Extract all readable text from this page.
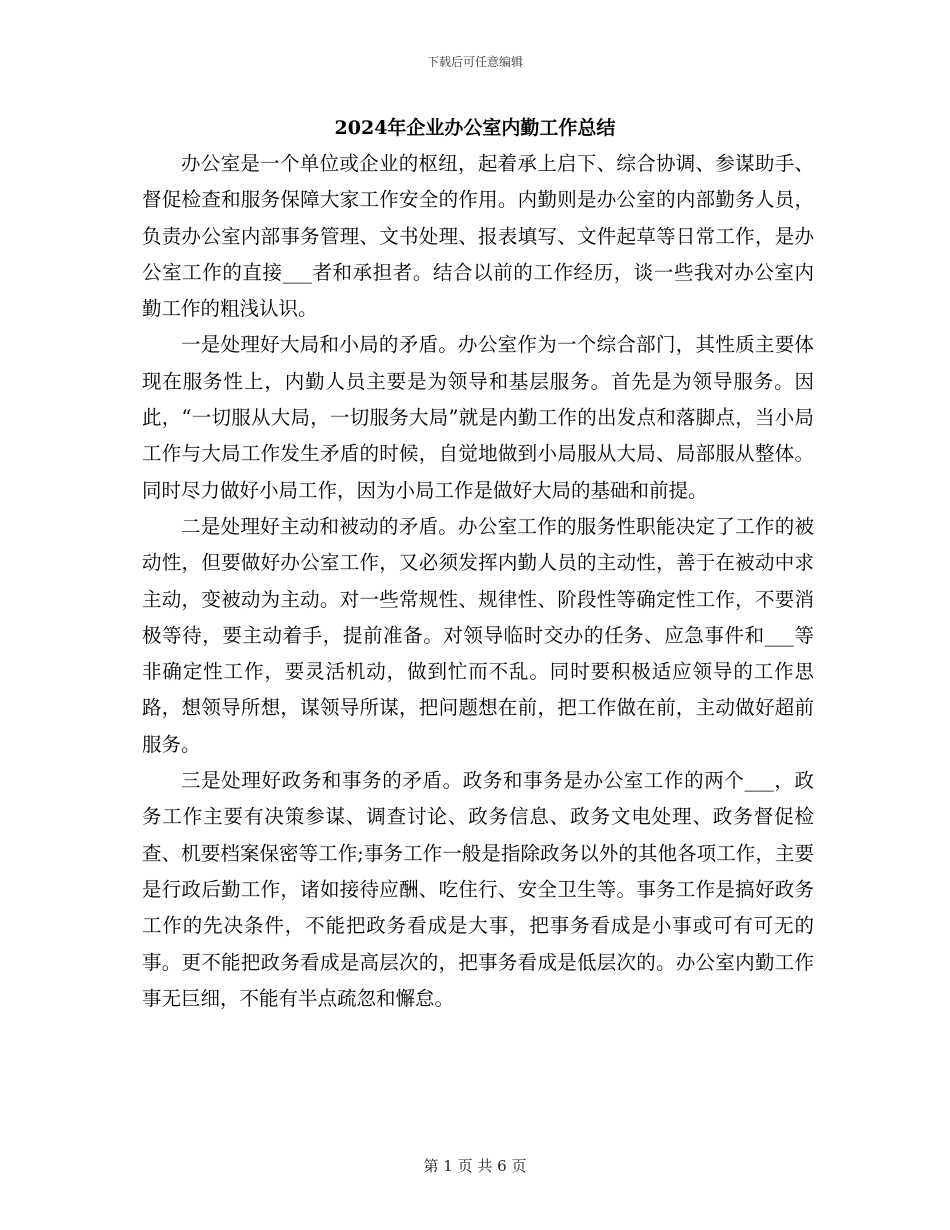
下载后可任意编辑
2024年企业办公室内勤工作总结

办公室是一个单位或企业的枢纽，起着承上启下、综合协调、参谋助手、督促检查和服务保障大家工作安全的作用。内勤则是办公室的内部勤务人员，负责办公室内部事务管理、文书处理、报表填写、文件起草等日常工作，是办公室工作的直接___者和承担者。结合以前的工作经历，谈一些我对办公室内勤工作的粗浅认识。

一是处理好大局和小局的矛盾。办公室作为一个综合部门，其性质主要体现在服务性上，内勤人员主要是为领导和基层服务。首先是为领导服务。因此，“一切服从大局，一切服务大局”就是内勤工作的出发点和落脚点，当小局工作与大局工作发生矛盾的时候，自觉地做到小局服从大局、局部服从整体。同时尽力做好小局工作，因为小局工作是做好大局的基础和前提。

二是处理好主动和被动的矛盾。办公室工作的服务性职能决定了工作的被动性，但要做好办公室工作，又必须发挥内勤人员的主动性，善于在被动中求主动，变被动为主动。对一些常规性、规律性、阶段性等确定性工作，不要消极等待，要主动着手，提前准备。对领导临时交办的任务、应急事件和___等非确定性工作，要灵活机动，做到忙而不乱。同时要积极适应领导的工作思路，想领导所想，谋领导所谋，把问题想在前，把工作做在前，主动做好超前服务。

三是处理好政务和事务的矛盾。政务和事务是办公室工作的两个___，政务工作主要有决策参谋、调查讨论、政务信息、政务文电处理、政务督促检查、机要档案保密等工作;事务工作一般是指除政务以外的其他各项工作，主要是行政后勤工作，诸如接待应酬、吃住行、安全卫生等。事务工作是搞好政务工作的先决条件，不能把政务看成是大事，把事务看成是小事或可有可无的事。更不能把政务看成是高层次的，把事务看成是低层次的。办公室内勤工作事无巨细，不能有半点疏忽和懈怠。

第 1 页 共 6 页
